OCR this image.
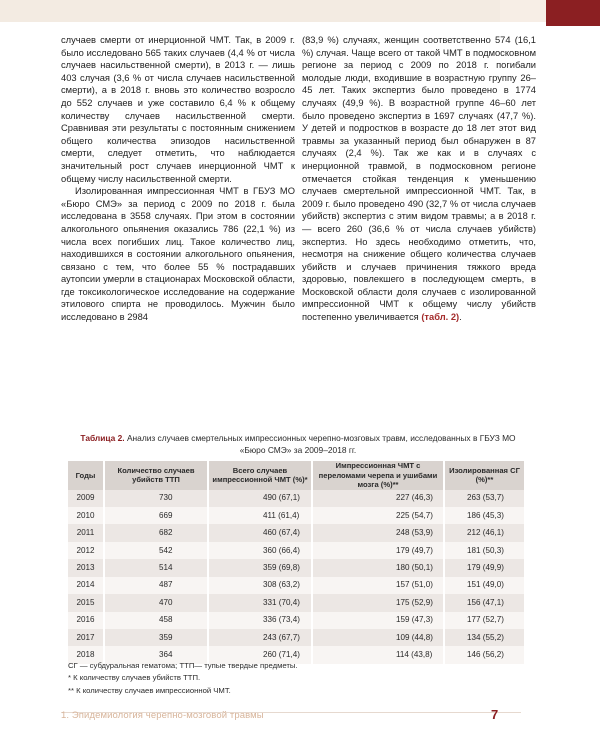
случаев смерти от инерционной ЧМТ. Так, в 2009 г. было исследовано 565 таких случаев (4,4 % от числа случаев насильственной смерти), в 2013 г. — лишь 403 случая (3,6 % от числа случаев насильственной смерти), а в 2018 г. вновь это количество возросло до 552 случаев и уже составило 6,4 % к общему количеству случаев насильственной смерти. Сравнивая эти результаты с постоянным снижением общего количества эпизодов насильственной смерти, следует отметить, что наблюдается значительный рост случаев инерционной ЧМТ к общему числу насильственной смерти.

Изолированная импрессионная ЧМТ в ГБУЗ МО «Бюро СМЭ» за период с 2009 по 2018 г. была исследована в 3558 случаях. При этом в состоянии алкогольного опьянения оказались 786 (22,1 %) из числа всех погибших лиц. Такое количество лиц, находившихся в состоянии алкогольного опьянения, связано с тем, что более 55 % пострадавших аутопсии умерли в стационарах Московской области, где токсикологическое исследование на содержание этилового спирта не проводилось. Мужчин было исследовано в 2984

(83,9 %) случаях, женщин соответственно 574 (16,1 %) случая. Чаще всего от такой ЧМТ в подмосковном регионе за период с 2009 по 2018 г. погибали молодые люди, входившие в возрастную группу 26–45 лет. Таких экспертиз было проведено в 1774 случаях (49,9 %). В возрастной группе 46–60 лет было проведено экспертиз в 1697 случаях (47,7 %). У детей и подростков в возрасте до 18 лет этот вид травмы за указанный период был обнаружен в 87 случаях (2,4 %). Так же как и в случаях с инерционной травмой, в подмосковном регионе отмечается стойкая тенденция к уменьшению случаев смертельной импрессионной ЧМТ. Так, в 2009 г. было проведено 490 (32,7 % от числа случаев убийств) экспертиз с этим видом травмы; а в 2018 г. — всего 260 (36,6 % от числа случаев убийств) экспертиз. Но здесь необходимо отметить, что, несмотря на снижение общего количества случаев убийств и случаев причинения тяжкого вреда здоровью, повлекшего в последующем смерть, в Московской области доля случаев с изолированной импрессионной ЧМТ к общему числу убийств постепенно увеличивается (табл. 2).

Таблица 2. Анализ случаев смертельных импрессионных черепно-мозговых травм, исследованных в ГБУЗ МО «Бюро СМЭ» за 2009–2018 гг.
Годы	Количество случаев убийств ТТП	Всего случаев импрессионной ЧМТ (%)*	Импрессионная ЧМТ с переломами черепа и ушибами мозга (%)**	Изолированная СГ (%)**
2009	730	490 (67,1)	227 (46,3)	263 (53,7)
2010	669	411 (61,4)	225 (54,7)	186 (45,3)
2011	682	460 (67,4)	248 (53,9)	212 (46,1)
2012	542	360 (66,4)	179 (49,7)	181 (50,3)
2013	514	359 (69,8)	180 (50,1)	179 (49,9)
2014	487	308 (63,2)	157 (51,0)	151 (49,0)
2015	470	331 (70,4)	175 (52,9)	156 (47,1)
2016	458	336 (73,4)	159 (47,3)	177 (52,7)
2017	359	243 (67,7)	109 (44,8)	134 (55,2)
2018	364	260 (71,4)	114 (43,8)	146 (56,2)
СГ — субдуральная гематома; ТТП— тупые твердые предметы.
* К количеству случаев убийств ТТП.
** К количеству случаев импрессионной ЧМТ.
1. Эпидемиология черепно-мозговой травмы	7
